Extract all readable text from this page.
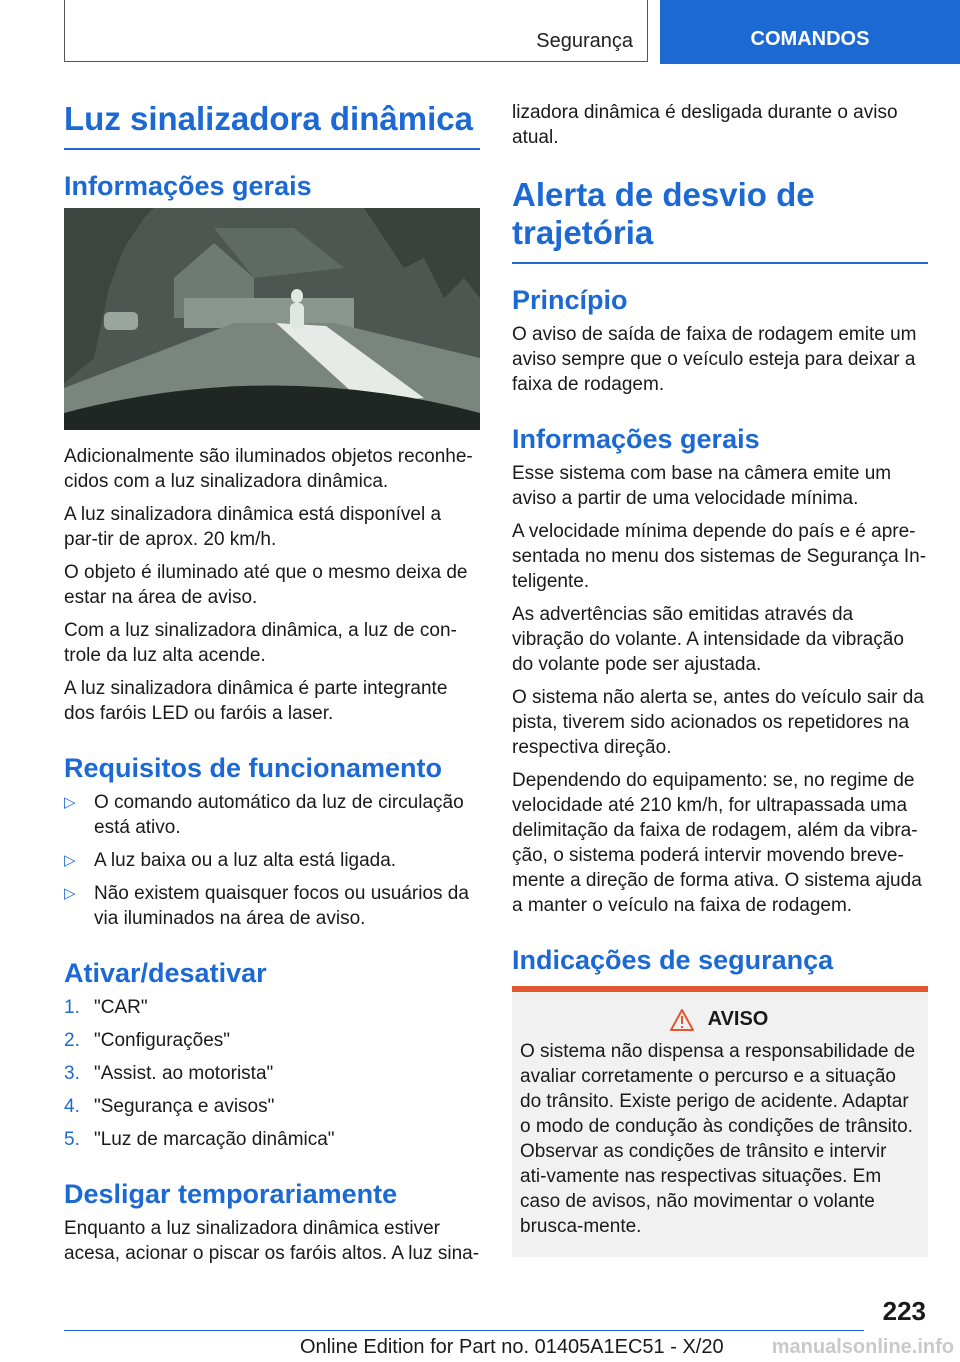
Segurança	COMANDOS
Luz sinalizadora dinâmica
Informações gerais

Adicionalmente são iluminados objetos reconhe‐cidos com a luz sinalizadora dinâmica.

A luz sinalizadora dinâmica está disponível a par‐tir de aprox. 20 km/h.

O objeto é iluminado até que o mesmo deixa de estar na área de aviso.

Com a luz sinalizadora dinâmica, a luz de con‐trole da luz alta acende.

A luz sinalizadora dinâmica é parte integrante dos faróis LED ou faróis a laser.

Requisitos de funcionamento
▷ O comando automático da luz de circulação está ativo.
▷ A luz baixa ou a luz alta está ligada.
▷ Não existem quaisquer focos ou usuários da via iluminados na área de aviso.
Ativar/desativar
1. "CAR"
2. "Configurações"
3. "Assist. ao motorista"
4. "Segurança e avisos"
5. "Luz de marcação dinâmica"
Desligar temporariamente

Enquanto a luz sinalizadora dinâmica estiver acesa, acionar o piscar os faróis altos. A luz sina‐

lizadora dinâmica é desligada durante o aviso atual.

Alerta de desvio de trajetória
Princípio

O aviso de saída de faixa de rodagem emite um aviso sempre que o veículo esteja para deixar a faixa de rodagem.

Informações gerais

Esse sistema com base na câmera emite um aviso a partir de uma velocidade mínima.

A velocidade mínima depende do país e é apre‐sentada no menu dos sistemas de Segurança In‐teligente.

As advertências são emitidas através da vibração do volante. A intensidade da vibração do volante pode ser ajustada.

O sistema não alerta se, antes do veículo sair da pista, tiverem sido acionados os repetidores na respectiva direção.

Dependendo do equipamento: se, no regime de velocidade até 210 km/h, for ultrapassada uma delimitação da faixa de rodagem, além da vibra‐ção, o sistema poderá intervir movendo breve‐mente a direção de forma ativa. O sistema ajuda a manter o veículo na faixa de rodagem.

Indicações de segurança
AVISO

O sistema não dispensa a responsabilidade de avaliar corretamente o percurso e a situação do trânsito. Existe perigo de acidente. Adaptar o modo de condução às condições de trânsito. Observar as condições de trânsito e intervir ati‐vamente nas respectivas situações. Em caso de avisos, não movimentar o volante brusca‐mente.

223
Online Edition for Part no. 01405A1EC51 - X/20 manualsonline.info
